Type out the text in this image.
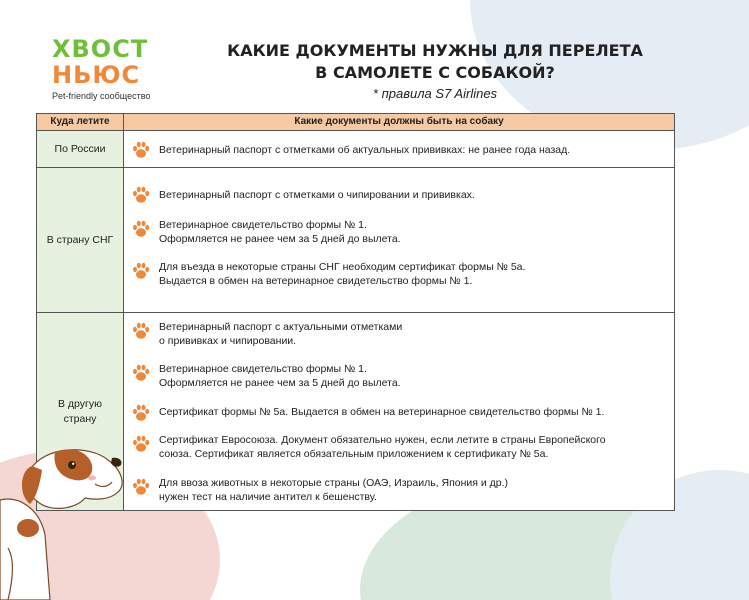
ХВОСТ
НЬЮС
Pet-friendly сообщество
КАКИЕ ДОКУМЕНТЫ НУЖНЫ ДЛЯ ПЕРЕЛЕТА
В САМОЛЕТЕ С СОБАКОЙ?
* правила S7 Airlines
Куда летите	Какие документы должны быть на собаку
По России	Ветеринарный паспорт с отметками об актуальных прививках: не ранее года назад.
В страну СНГ
Ветеринарный паспорт с отметками о чипировании и прививках.
Ветеринарное свидетельство формы № 1.
Оформляется не ранее чем за 5 дней до вылета.
Для въезда в некоторые страны СНГ необходим сертификат формы № 5а.
Выдается в обмен на ветеринарное свидетельство формы № 1.
В другую страну
Ветеринарный паспорт с актуальными отметками
о прививках и чипировании.
Ветеринарное свидетельство формы № 1.
Оформляется не ранее чем за 5 дней до вылета.
Сертификат формы № 5а. Выдается в обмен на ветеринарное свидетельство формы № 1.
Сертификат Евросоюза. Документ обязательно нужен, если летите в страны Европейского
союза. Сертификат является обязательным приложением к сертификату № 5а.
Для ввоза животных в некоторые страны (ОАЭ, Израиль, Япония и др.)
нужен тест на наличие антител к бешенству.
